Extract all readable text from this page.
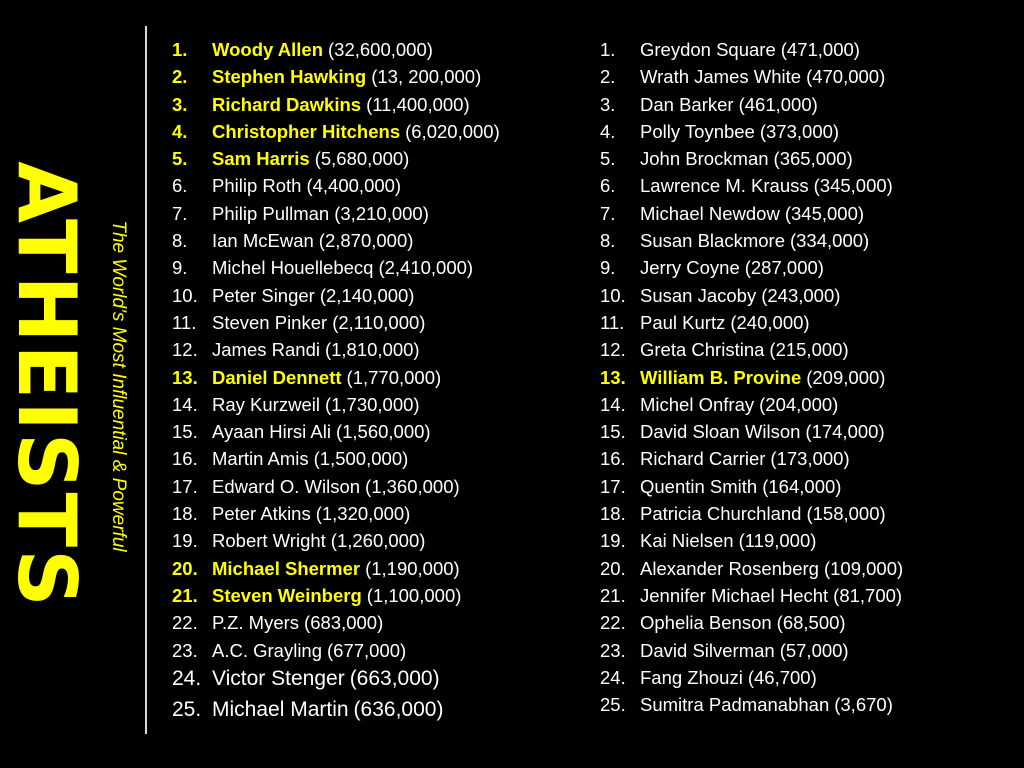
ATHEISTS The World’s Most Influential & Powerful
1.	Woody Allen (32,600,000)
2.	Stephen Hawking (13, 200,000)
3.	Richard Dawkins (11,400,000)
4.	Christopher Hitchens (6,020,000)
5.	Sam Harris (5,680,000)
6.	Philip Roth (4,400,000)
7.	Philip Pullman (3,210,000)
8.	Ian McEwan (2,870,000)
9.	Michel Houellebecq (2,410,000)
10. Peter Singer (2,140,000)
11. Steven Pinker (2,110,000)
12. James Randi (1,810,000)
13. Daniel Dennett (1,770,000)
14. Ray Kurzweil (1,730,000)
15. Ayaan Hirsi Ali (1,560,000)
16. Martin Amis (1,500,000)
17. Edward O. Wilson (1,360,000)
18. Peter Atkins (1,320,000)
19. Robert Wright (1,260,000)
20. Michael Shermer (1,190,000)
21. Steven Weinberg (1,100,000)
22. P.Z. Myers (683,000)
23. A.C. Grayling (677,000)
24. Victor Stenger (663,000)
25. Michael Martin (636,000)
1.	Greydon Square (471,000)
2.	Wrath James White (470,000)
3.	Dan Barker (461,000)
4.	Polly Toynbee (373,000)
5.	John Brockman (365,000)
6.	Lawrence M. Krauss (345,000)
7.	Michael Newdow (345,000)
8.	Susan Blackmore (334,000)
9.	Jerry Coyne (287,000)
10. Susan Jacoby (243,000)
11. Paul Kurtz (240,000)
12. Greta Christina (215,000)
13. William B. Provine (209,000)
14. Michel Onfray (204,000)
15. David Sloan Wilson (174,000)
16. Richard Carrier (173,000)
17. Quentin Smith (164,000)
18. Patricia Churchland (158,000)
19. Kai Nielsen (119,000)
20. Alexander Rosenberg (109,000)
21. Jennifer Michael Hecht (81,700)
22. Ophelia Benson (68,500)
23. David Silverman (57,000)
24. Fang Zhouzi (46,700)
25. Sumitra Padmanabhan (3,670)
